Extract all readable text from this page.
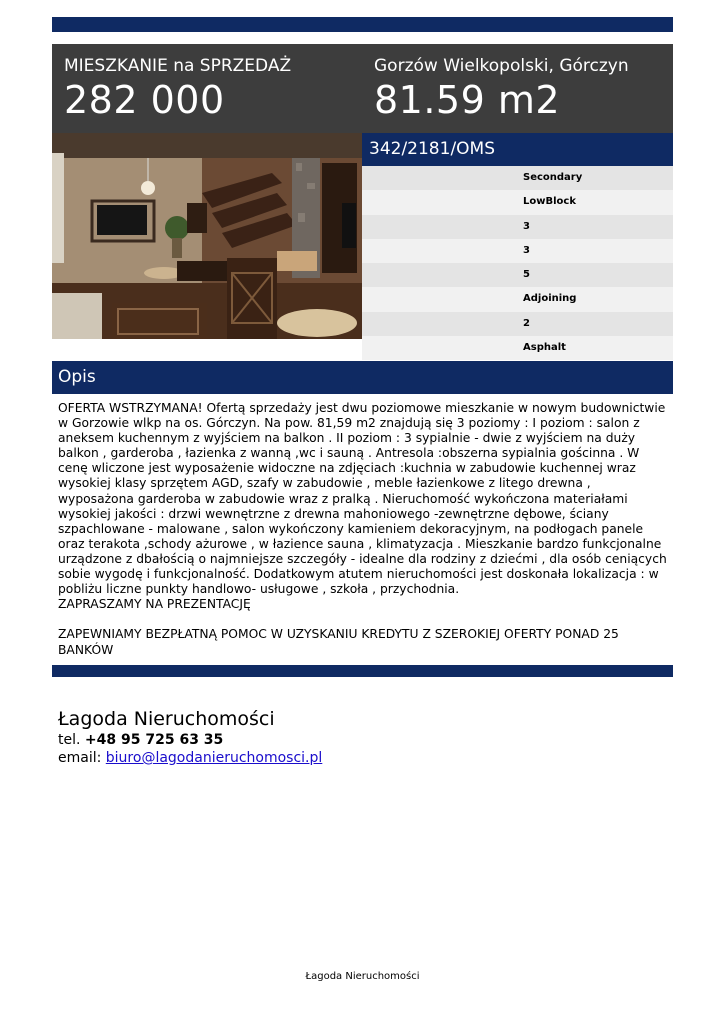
MIESZKANIE na SPRZEDAŻ
282 000
Gorzów Wielkopolski, Górczyn
81.59 m2
342/2181/OMS
Secondary
LowBlock
3
3
5
Adjoining
2
Asphalt
Opis
OFERTA WSTRZYMANA! Ofertą sprzedaży jest dwu poziomowe mieszkanie w nowym budownictwie w Gorzowie wlkp na os. Górczyn. Na pow. 81,59 m2 znajdują się 3 poziomy : I poziom : salon z aneksem kuchennym z wyjściem na balkon . II poziom : 3 sypialnie - dwie z wyjściem na duży balkon , garderoba , łazienka z wanną ,wc i sauną . Antresola :obszerna sypialnia gościnna . W cenę wliczone jest wyposażenie widoczne na zdjęciach :kuchnia w zabudowie kuchennej wraz wysokiej klasy sprzętem AGD, szafy w zabudowie , meble łazienkowe z litego drewna , wyposażona garderoba w zabudowie wraz z pralką . Nieruchomość wykończona materiałami wysokiej jakości : drzwi wewnętrzne z drewna mahoniowego -zewnętrzne dębowe, ściany szpachlowane - malowane , salon wykończony kamieniem dekoracyjnym, na podłogach panele oraz terakota ,schody ażurowe , w łazience sauna , klimatyzacja . Mieszkanie bardzo funkcjonalne urządzone z dbałością o najmniejsze szczegóły - idealne dla rodziny z dziećmi , dla osób ceniących sobie wygodę i funkcjonalność. Dodatkowym atutem nieruchomości jest doskonała lokalizacja : w pobliżu liczne punkty handlowo- usługowe , szkoła , przychodnia.
ZAPRASZAMY NA PREZENTACJĘ

ZAPEWNIAMY BEZPŁATNĄ POMOC W UZYSKANIU KREDYTU Z SZEROKIEJ OFERTY PONAD 25 BANKÓW
Łagoda Nieruchomości
tel. +48 95 725 63 35
email: biuro@lagodanieruchomosci.pl
Łagoda Nieruchomości
